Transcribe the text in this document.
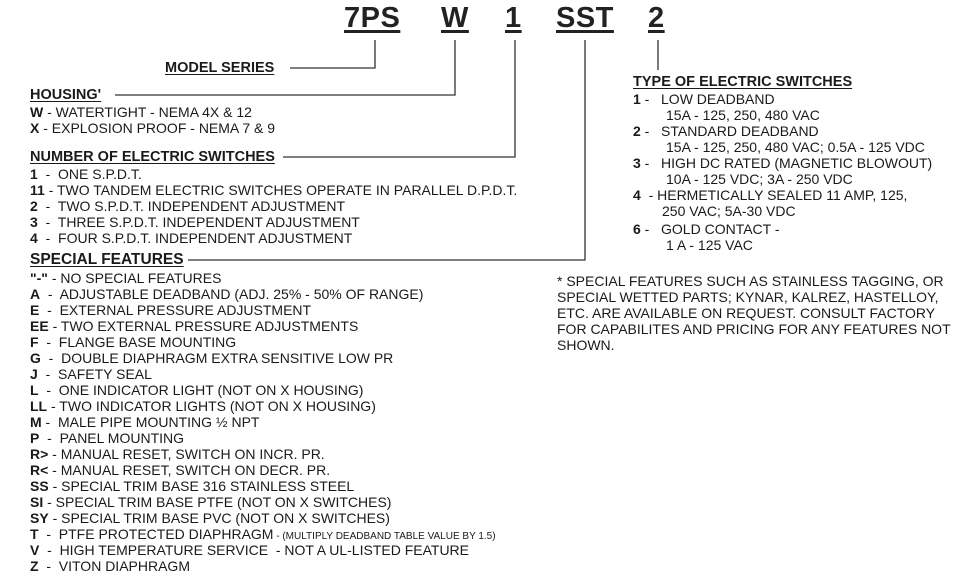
7PS W 1 SST 2
MODEL SERIES
HOUSING'
W - WATERTIGHT - NEMA 4X & 12
X - EXPLOSION PROOF - NEMA 7 & 9
NUMBER OF ELECTRIC SWITCHES
1  -  ONE S.P.D.T.
11 - TWO TANDEM ELECTRIC SWITCHES OPERATE IN PARALLEL D.P.D.T.
2  -  TWO S.P.D.T. INDEPENDENT ADJUSTMENT
3  -  THREE S.P.D.T. INDEPENDENT ADJUSTMENT
4  -  FOUR S.P.D.T. INDEPENDENT ADJUSTMENT
SPECIAL FEATURES
"-" - NO SPECIAL FEATURES
A  -  ADJUSTABLE DEADBAND (ADJ. 25% - 50% OF RANGE)
E  -  EXTERNAL PRESSURE ADJUSTMENT
EE - TWO EXTERNAL PRESSURE ADJUSTMENTS
F  -  FLANGE BASE MOUNTING
G  -  DOUBLE DIAPHRAGM EXTRA SENSITIVE LOW PR
J  -  SAFETY SEAL
L  -  ONE INDICATOR LIGHT (NOT ON X HOUSING)
LL - TWO INDICATOR LIGHTS (NOT ON X HOUSING)
M -  MALE PIPE MOUNTING ½ NPT
P  -  PANEL MOUNTING
R> - MANUAL RESET, SWITCH ON INCR. PR.
R< - MANUAL RESET, SWITCH ON DECR. PR.
SS - SPECIAL TRIM BASE 316 STAINLESS STEEL
SI - SPECIAL TRIM BASE PTFE (NOT ON X SWITCHES)
SY - SPECIAL TRIM BASE PVC (NOT ON X SWITCHES)
T  -  PTFE PROTECTED DIAPHRAGM - (MULTIPLY DEADBAND TABLE VALUE BY 1.5)
V  -  HIGH TEMPERATURE SERVICE  - NOT A UL-LISTED FEATURE
Z  -  VITON DIAPHRAGM
TYPE OF ELECTRIC SWITCHES
1 -   LOW DEADBAND
15A - 125, 250, 480 VAC
2 -   STANDARD DEADBAND
15A - 125, 250, 480 VAC; 0.5A - 125 VDC
3 -   HIGH DC RATED (MAGNETIC BLOWOUT)
10A - 125 VDC; 3A - 250 VDC
4  - HERMETICALLY SEALED 11 AMP, 125,
250 VAC; 5A-30 VDC
6 -   GOLD CONTACT -
1 A - 125 VAC
* SPECIAL FEATURES SUCH AS STAINLESS TAGGING, OR SPECIAL WETTED PARTS; KYNAR, KALREZ, HASTELLOY, ETC. ARE AVAILABLE ON REQUEST. CONSULT FACTORY FOR CAPABILITES AND PRICING FOR ANY FEATURES NOT SHOWN.
